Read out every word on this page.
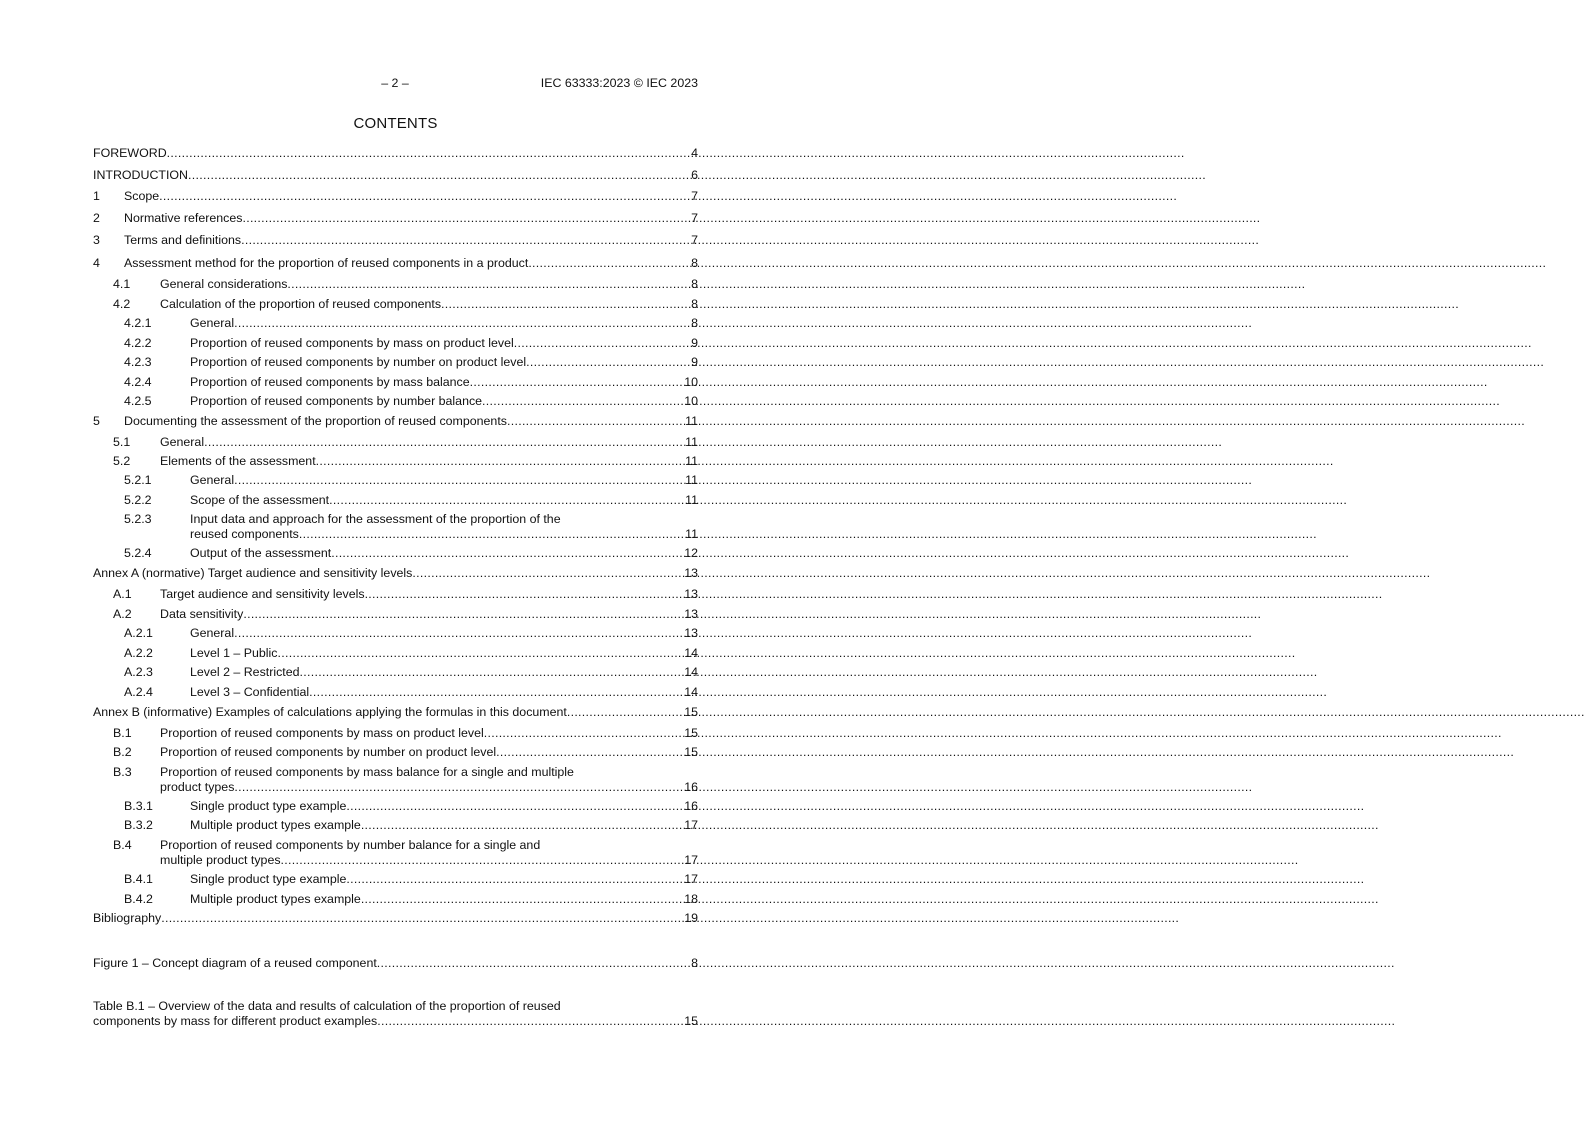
– 2 –	IEC 63333:2023 © IEC 2023
CONTENTS
FOREWORD .....	4
INTRODUCTION .....	6
1	Scope .....	7
2	Normative references .....	7
3	Terms and definitions .....	7
4	Assessment method for the proportion of reused components in a product .....	8
4.1	General considerations .....	8
4.2	Calculation of the proportion of reused components .....	8
4.2.1	General .....	8
4.2.2	Proportion of reused components by mass on product level .....	9
4.2.3	Proportion of reused components by number on product level .....	9
4.2.4	Proportion of reused components by mass balance .....	10
4.2.5	Proportion of reused components by number balance .....	10
5	Documenting the assessment of the proportion of reused components .....	11
5.1	General .....	11
5.2	Elements of the assessment .....	11
5.2.1	General .....	11
5.2.2	Scope of the assessment .....	11
5.2.3	Input data and approach for the assessment of the proportion of the
reused components .....	11
5.2.4	Output of the assessment .....	12
Annex A (normative) Target audience and sensitivity levels .....	13
A.1	Target audience and sensitivity levels .....	13
A.2	Data sensitivity .....	13
A.2.1	General .....	13
A.2.2	Level 1 – Public .....	14
A.2.3	Level 2 – Restricted .....	14
A.2.4	Level 3 – Confidential .....	14
Annex B (informative) Examples of calculations applying the formulas in this document .....	15
B.1	Proportion of reused components by mass on product level .....	15
B.2	Proportion of reused components by number on product level .....	15
B.3	Proportion of reused components by mass balance for a single and multiple
product types .....	16
B.3.1	Single product type example .....	16
B.3.2	Multiple product types example .....	17
B.4	Proportion of reused components by number balance for a single and
multiple product types .....	17
B.4.1	Single product type example .....	17
B.4.2	Multiple product types example .....	18
Bibliography .....	19
Figure 1 – Concept diagram of a reused component .....	8
Table B.1 – Overview of the data and results of calculation of the proportion of reused
components by mass for different product examples .....	15
